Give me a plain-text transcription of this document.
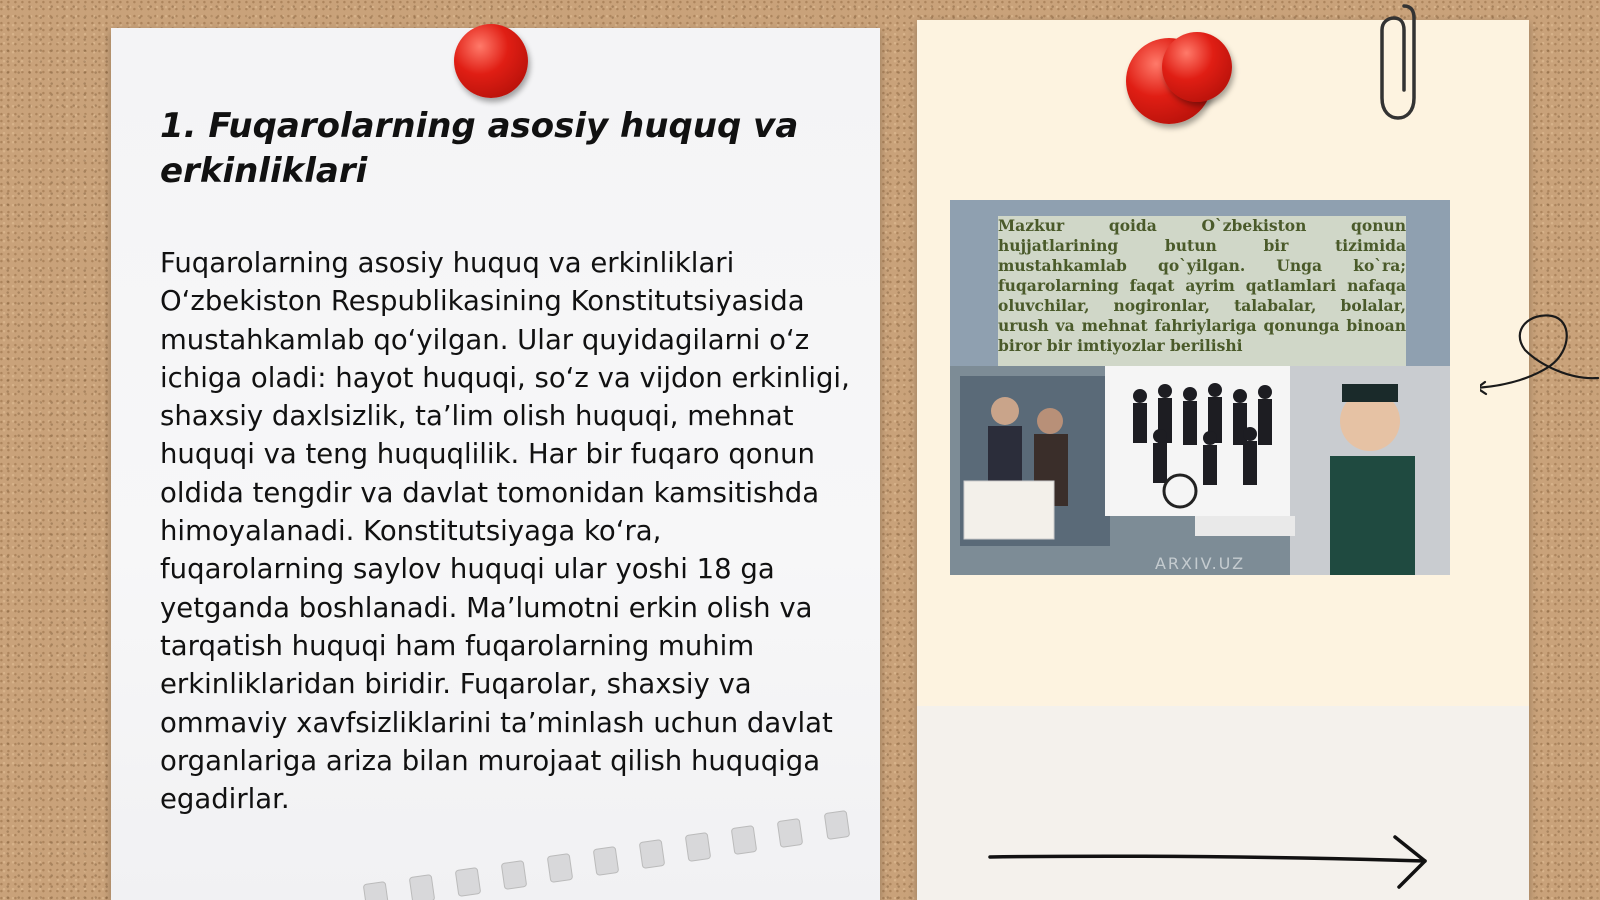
1. Fuqarolarning asosiy huquq va erkinliklari
Fuqarolarning asosiy huquq va erkinliklari O‘zbekiston Respublikasining Konstitutsiyasida mustahkamlab qo‘yilgan. Ular quyidagilarni o‘z ichiga oladi: hayot huquqi, so‘z va vijdon erkinligi, shaxsiy daxlsizlik, ta’lim olish huquqi, mehnat huquqi va teng huquqlilik. Har bir fuqaro qonun oldida tengdir va davlat tomonidan kamsitishda himoyalanadi. Konstitutsiyaga ko‘ra, fuqarolarning saylov huquqi ular yoshi 18 ga yetganda boshlanadi. Ma’lumotni erkin olish va tarqatish huquqi ham fuqarolarning muhim erkinliklaridan biridir. Fuqarolar, shaxsiy va ommaviy xavfsizliklarini ta’minlash uchun davlat organlariga ariza bilan murojaat qilish huquqiga egadirlar.
Mazkur qoida O`zbekiston qonun hujjatlarining butun bir tizimida mustahkamlab qo`yilgan. Unga ko`ra; fuqarolarning faqat ayrim qatlamlari nafaqa oluvchilar, nogironlar, talabalar, bolalar, urush va mehnat fahriylariga qonunga binoan biror bir imtiyozlar berilishi
ARXIV.UZ
